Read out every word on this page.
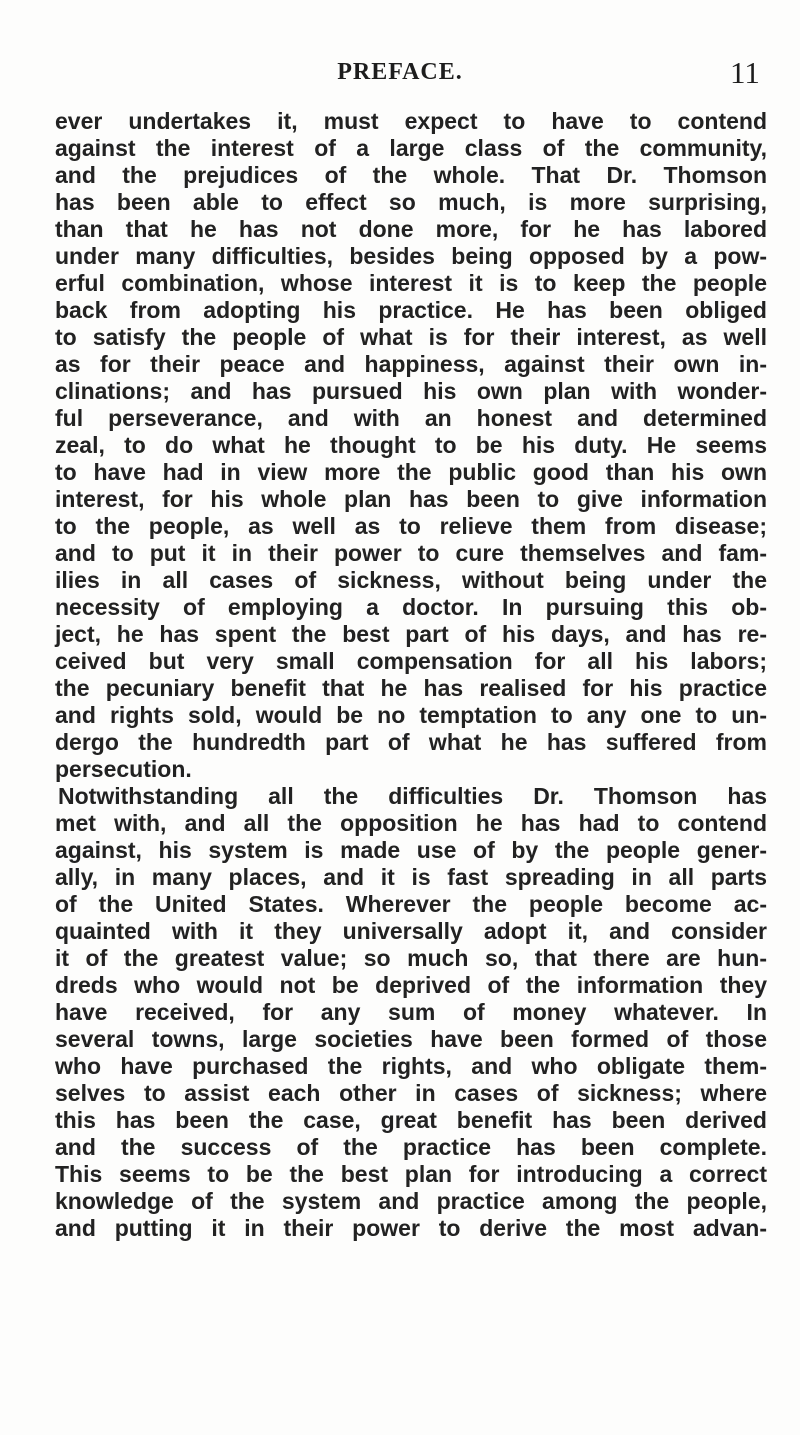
PREFACE.	11
ever undertakes it, must expect to have to contend
against the interest of a large class of the community,
and the prejudices of the whole. That Dr. Thomson
has been able to effect so much, is more surprising,
than that he has not done more, for he has labored
under many difficulties, besides being opposed by a pow-
erful combination, whose interest it is to keep the people
back from adopting his practice. He has been obliged
to satisfy the people of what is for their interest, as well
as for their peace and happiness, against their own in-
clinations; and has pursued his own plan with wonder-
ful perseverance, and with an honest and determined
zeal, to do what he thought to be his duty. He seems
to have had in view more the public good than his own
interest, for his whole plan has been to give information
to the people, as well as to relieve them from disease;
and to put it in their power to cure themselves and fam-
ilies in all cases of sickness, without being under the
necessity of employing a doctor. In pursuing this ob-
ject, he has spent the best part of his days, and has re-
ceived but very small compensation for all his labors;
the pecuniary benefit that he has realised for his practice
and rights sold, would be no temptation to any one to un-
dergo the hundredth part of what he has suffered from
persecution.
Notwithstanding all the difficulties Dr. Thomson has
met with, and all the opposition he has had to contend
against, his system is made use of by the people gener-
ally, in many places, and it is fast spreading in all parts
of the United States. Wherever the people become ac-
quainted with it they universally adopt it, and consider
it of the greatest value; so much so, that there are hun-
dreds who would not be deprived of the information they
have received, for any sum of money whatever. In
several towns, large societies have been formed of those
who have purchased the rights, and who obligate them-
selves to assist each other in cases of sickness; where
this has been the case, great benefit has been derived
and the success of the practice has been complete.
This seems to be the best plan for introducing a correct
knowledge of the system and practice among the people,
and putting it in their power to derive the most advan-
